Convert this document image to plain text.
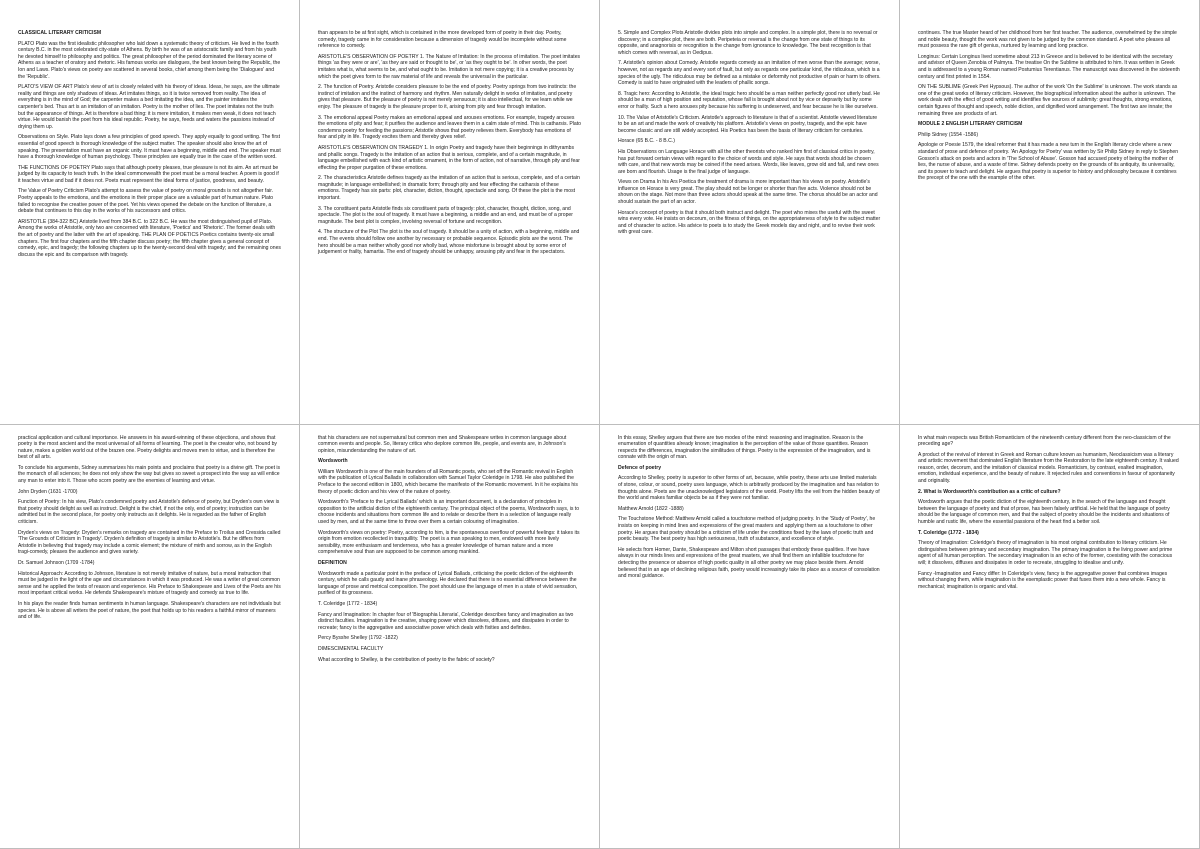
CLASSICAL LITERARY CRITICISM

PLATO Plato was the first idealistic philosopher who laid down a systematic theory of criticism. He lived in the fourth century B.C. in the most celebrated city-state of Athens. By birth he was of an aristocratic family and from his youth he devoted himself to philosophy and politics. The great philosopher of the period dominated the literary scene of Athens as a teacher of oratory and rhetoric. His famous works are dialogues, the best known being the Republic, the Ion and Laws. Plato's views on poetry are scattered in several books, chief among them being the 'Dialogues' and the 'Republic'.

PLATO'S VIEW OF ART Plato's view of art is closely related with his theory of ideas. Ideas, he says, are the ultimate reality and things are only shadows of ideas. Art imitates things, so it is twice removed from reality. The idea of everything is in the mind of God; the carpenter makes a bed imitating the idea, and the painter imitates the carpenter's bed. Thus art is an imitation of an imitation. Poetry is the mother of lies. The poet imitates not the truth but the appearance of things. Art is therefore a bad thing: it is mere imitation, it makes men weak, it does not teach virtue. He would banish the poet from his ideal republic. Poetry, he says, feeds and waters the passions instead of drying them up.

Observations on Style. Plato lays down a few principles of good speech. They apply equally to good writing. The first essential of good speech is thorough knowledge of the subject matter. The speaker should also know the art of speaking. The presentation must have an organic unity. It must have a beginning, middle and end. The speaker must have a thorough knowledge of human psychology. These principles are equally true in the case of the written word.

THE FUNCTIONS OF POETRY Plato says that although poetry pleases, true pleasure is not its aim. An art must be judged by its capacity to teach truth. In the ideal commonwealth the poet must be a moral teacher. A poem is good if it teaches virtue and bad if it does not. Poets must represent the ideal forms of justice, goodness, and beauty.

The Value of Poetry Criticism Plato's attempt to assess the value of poetry on moral grounds is not altogether fair. Poetry appeals to the emotions, and the emotions in their proper place are a valuable part of human nature. Plato failed to recognise the creative power of the poet. Yet his views opened the debate on the function of literature, a debate that continues to this day in the works of his successors and critics.

ARISTOTLE (384-322 BC) Aristotle lived from 384 B.C. to 322 B.C. He was the most distinguished pupil of Plato. Among the works of Aristotle, only two are concerned with literature, 'Poetics' and 'Rhetoric'. The former deals with the art of poetry and the latter with the art of speaking. THE PLAN OF POETICS Poetics contains twenty-six small chapters. The first four chapters and the fifth chapter discuss poetry; the fifth chapter gives a general concept of comedy, epic, and tragedy; the following chapters up to the twenty-second deal with tragedy; and the remaining ones discuss the epic and its comparison with tragedy.

than appears to be at first sight, which is contained in the more developed form of poetry in their day. Poetry, comedy, tragedy came in for consideration because a dimension of tragedy would be incomplete without some reference to comedy.

ARISTOTLE'S OBSERVATION OF POETRY 1. The Nature of Imitation: In the process of imitation. The poet imitates things 'as they were or are', 'as they are said or thought to be', or 'as they ought to be'. In other words, the poet imitates what is, what seems to be, and what ought to be. Imitation is not mere copying; it is a creative process by which the poet gives form to the raw material of life and reveals the universal in the particular.

2. The function of Poetry. Aristotle considers pleasure to be the end of poetry. Poetry springs from two instincts: the instinct of imitation and the instinct of harmony and rhythm. Men naturally delight in works of imitation, and poetry gives that pleasure. But the pleasure of poetry is not merely sensuous; it is also intellectual, for we learn while we enjoy. The pleasure of tragedy is the pleasure proper to it, arising from pity and fear through imitation.

3. The emotional appeal Poetry makes an emotional appeal and arouses emotions. For example, tragedy arouses the emotions of pity and fear; it purifies the audience and leaves them in a calm state of mind. This is catharsis. Plato condemns poetry for feeding the passions; Aristotle shows that poetry relieves them. Everybody has emotions of fear and pity in life. Tragedy excites them and thereby gives relief.

ARISTOTLE'S OBSERVATION ON TRAGEDY 1. In origin Poetry and tragedy have their beginnings in dithyrambs and phallic songs. Tragedy is the imitation of an action that is serious, complete, and of a certain magnitude, in language embellished with each kind of artistic ornament, in the form of action, not of narrative, through pity and fear effecting the proper purgation of these emotions.

2. The characteristics Aristotle defines tragedy as the imitation of an action that is serious, complete, and of a certain magnitude; in language embellished; in dramatic form; through pity and fear effecting the catharsis of these emotions. Tragedy has six parts: plot, character, diction, thought, spectacle and song. Of these the plot is the most important.

3. The constituent parts Aristotle finds six constituent parts of tragedy: plot, character, thought, diction, song, and spectacle. The plot is the soul of tragedy. It must have a beginning, a middle and an end, and must be of a proper magnitude. The best plot is complex, involving reversal of fortune and recognition.

4. The structure of the Plot The plot is the soul of tragedy. It should be a unity of action, with a beginning, middle and end. The events should follow one another by necessary or probable sequence. Episodic plots are the worst. The hero should be a man neither wholly good nor wholly bad, whose misfortune is brought about by some error of judgement or frailty, hamartia. The end of tragedy should be unhappy, arousing pity and fear in the spectators.

5. Simple and Complex Plots Aristotle divides plots into simple and complex. In a simple plot, there is no reversal or discovery; in a complex plot, there are both. Peripeteia or reversal is the change from one state of things to its opposite, and anagnorisis or recognition is the change from ignorance to knowledge. The best recognition is that which comes with reversal, as in Oedipus.

7. Aristotle's opinion about Comedy. Aristotle regards comedy as an imitation of men worse than the average; worse, however, not as regards any and every sort of fault, but only as regards one particular kind, the ridiculous, which is a species of the ugly. The ridiculous may be defined as a mistake or deformity not productive of pain or harm to others. Comedy is said to have originated with the leaders of phallic songs.

8. Tragic hero: According to Aristotle, the ideal tragic hero should be a man neither perfectly good nor utterly bad. He should be a man of high position and reputation, whose fall is brought about not by vice or depravity but by some error or frailty. Such a hero arouses pity because his suffering is undeserved, and fear because he is like ourselves.

10. The Value of Aristotle's Criticism. Aristotle's approach to literature is that of a scientist. Aristotle viewed literature to be an art and made the work of creativity his platform. Aristotle's views on poetry, tragedy, and the epic have become classic and are still widely accepted. His Poetics has been the basis of literary criticism for centuries.

Horace (65 B.C. - 8 B.C.)

His Observations on Language Horace with all the other theorists who ranked him first of classical critics in poetry, has put forward certain views with regard to the choice of words and style. He says that words should be chosen with care, and that new words may be coined if the need arises. Words, like leaves, grow old and fall, and new ones are born and flourish. Usage is the final judge of language.

Views on Drama In his Ars Poetica the treatment of drama is more important than his views on poetry. Aristotle's influence on Horace is very great. The play should not be longer or shorter than five acts. Violence should not be shown on the stage. Not more than three actors should speak at the same time. The chorus should be an actor and should sustain the part of an actor.

Horace's concept of poetry is that it should both instruct and delight. The poet who mixes the useful with the sweet wins every vote. He insists on decorum, on the fitness of things, on the appropriateness of style to the subject matter and of character to action. His advice to poets is to study the Greek models day and night, and to revise their work with great care.

continues. The true Master heard of her childhood from her first teacher. The audience, overwhelmed by the simple and noble beauty, thought the work was not given to be judged by the common standard. A poet who pleases all must possess the rare gift of genius, nurtured by learning and long practice.

Longinus: Certain Longinus lived sometime about 213 in Greece and is believed to be identical with the secretary and advisor of Queen Zenobia of Palmyra. The treatise On the Sublime is attributed to him. It was written in Greek and is addressed to a young Roman named Postumius Terentianus. The manuscript was discovered in the sixteenth century and first printed in 1554.

ON THE SUBLIME (Greek Peri Hypsous). The author of the work 'On the Sublime' is unknown. The work stands as one of the great works of literary criticism. However, the biographical information about the author is unknown. The work deals with the effect of good writing and identifies five sources of sublimity: great thoughts, strong emotions, certain figures of thought and speech, noble diction, and dignified word arrangement. The first two are innate; the remaining three are products of art.

MODULE 2 ENGLISH LITERARY CRITICISM

Philip Sidney (1554 -1586)

Apologie or Poesie 1579, the ideal reformer that it has made a new turn in the English literary circle where a new standard of prose and defence of poetry. 'An Apology for Poetry' was written by Sir Philip Sidney in reply to Stephen Gosson's attack on poets and actors in 'The School of Abuse'. Gosson had accused poetry of being the mother of lies, the nurse of abuse, and a waste of time. Sidney defends poetry on the grounds of its antiquity, its universality, and its power to teach and delight. He argues that poetry is superior to history and philosophy because it combines the precept of the one with the example of the other.

practical application and cultural importance. He answers in his award-winning of these objections, and shows that poetry is the most ancient and the most universal of all forms of learning. The poet is the creator who, not bound by nature, makes a golden world out of the brazen one. Poetry delights and moves men to virtue, and is therefore the best of all arts.

To conclude his arguments, Sidney summarizes his main points and proclaims that poetry is a divine gift. The poet is the monarch of all sciences; he does not only show the way but gives so sweet a prospect into the way as will entice any man to enter into it. Those who scorn poetry are the enemies of learning and virtue.

John Dryden (1631 -1700)

Function of Poetry: In his view, Plato's condemned poetry and Aristotle's defence of poetry, but Dryden's own view is that poetry should delight as well as instruct. Delight is the chief, if not the only, end of poetry; instruction can be admitted but in the second place, for poetry only instructs as it delights. He is regarded as the father of English criticism.

Dryden's views on Tragedy: Dryden's remarks on tragedy are contained in the Preface to Troilus and Cressida called 'The Grounds of Criticism in Tragedy'. Dryden's definition of tragedy is similar to Aristotle's. But he differs from Aristotle in believing that tragedy may include a comic element; the mixture of mirth and sorrow, as in the English tragi-comedy, pleases the audience and gives variety.

Dr. Samuel Johnson (1709 -1784)

Historical Approach: According to Johnson, literature is not merely imitative of nature, but a moral instruction that must be judged in the light of the age and circumstances in which it was produced. He was a writer of great common sense and he applied the tests of reason and experience. His Preface to Shakespeare and Lives of the Poets are his most important critical works. He defends Shakespeare's mixture of tragedy and comedy as true to life.

In his plays the reader finds human sentiments in human language. Shakespeare's characters are not individuals but species. He is above all writers the poet of nature, the poet that holds up to his readers a faithful mirror of manners and of life.

that his characters are not supernatural but common men and Shakespeare writes in common language about common events and people. So, literary critics who deplore common life, people, and events are, in Johnson's opinion, misunderstanding the nature of art.

Wordsworth

William Wordsworth is one of the main founders of all Romantic poets, who set off the Romantic revival in English with the publication of Lyrical Ballads in collaboration with Samuel Taylor Coleridge in 1798. He also published the Preface to the second edition in 1800, which became the manifesto of the Romantic movement. In it he explains his theory of poetic diction and his view of the nature of poetry.

Wordsworth's 'Preface to the Lyrical Ballads' which is an important document, is a declaration of principles in opposition to the artificial diction of the eighteenth century. The principal object of the poems, Wordsworth says, is to choose incidents and situations from common life and to relate or describe them in a selection of language really used by men, and at the same time to throw over them a certain colouring of imagination.

Wordsworth's views on poetry: Poetry, according to him, is the spontaneous overflow of powerful feelings: it takes its origin from emotion recollected in tranquillity. The poet is a man speaking to men, endowed with more lively sensibility, more enthusiasm and tenderness, who has a greater knowledge of human nature and a more comprehensive soul than are supposed to be common among mankind.

DEFINITION

Wordsworth made a particular point in the preface of Lyrical Ballads, criticising the poetic diction of the eighteenth century, which he calls gaudy and inane phraseology. He declared that there is no essential difference between the language of prose and metrical composition. The poet should use the language of men in a state of vivid sensation, purified of its grossness.

T. Coleridge (1772 - 1834)

Fancy and Imagination: In chapter four of 'Biographia Literaria', Coleridge describes fancy and imagination as two distinct faculties. Imagination is the creative, shaping power which dissolves, diffuses, and dissipates in order to recreate; fancy is the aggregative and associative power which deals with fixities and definites.

Percy Bysshe Shelley (1792 -1822)

DIMESCIMENTAL FACULTY

What according to Shelley, is the contribution of poetry to the fabric of society?

In this essay, Shelley argues that there are two modes of the mind: reasoning and imagination. Reason is the enumeration of quantities already known; imagination is the perception of the value of those quantities. Reason respects the differences, imagination the similitudes of things. Poetry is the expression of the imagination, and is connate with the origin of man.

Defence of poetry

According to Shelley, poetry is superior to other forms of art, because, while poetry, these arts use limited materials of stone, colour, or sound, poetry uses language, which is arbitrarily produced by the imagination and has relation to thoughts alone. Poets are the unacknowledged legislators of the world. Poetry lifts the veil from the hidden beauty of the world and makes familiar objects be as if they were not familiar.

Matthew Arnold (1822 -1888)

The Touchstone Method: Matthew Arnold called a touchstone method of judging poetry. In the 'Study of Poetry', he insists on keeping in mind lines and expressions of the great masters and applying them as a touchstone to other poetry. He argues that poetry should be a criticism of life under the conditions fixed by the laws of poetic truth and poetic beauty. The best poetry has high seriousness, truth of substance, and excellence of style.

He selects from Homer, Dante, Shakespeare and Milton short passages that embody these qualities. If we have always in our minds lines and expressions of the great masters, we shall find them an infallible touchstone for detecting the presence or absence of high poetic quality in all other poetry we may place beside them. Arnold believed that in an age of declining religious faith, poetry would increasingly take its place as a source of consolation and moral guidance.

In what main respects was British Romanticism of the nineteenth century different from the neo-classicism of the preceding age?

A product of the revival of interest in Greek and Roman culture known as humanism, Neoclassicism was a literary and artistic movement that dominated English literature from the Restoration to the late eighteenth century. It valued reason, order, decorum, and the imitation of classical models. Romanticism, by contrast, exalted imagination, emotion, individual experience, and the beauty of nature. It rejected rules and conventions in favour of spontaneity and originality.

2. What is Wordsworth's contribution as a critic of culture?

Wordsworth argues that the poetic diction of the eighteenth century, in the search of the language and thought between the language of poetry and that of prose, has been falsely artificial. He held that the language of poetry should be the language of common men, and that the subject of poetry should be the incidents and situations of humble and rustic life, where the essential passions of the heart find a better soil.

T. Coleridge (1772 - 1834)

Theory of Imagination: Coleridge's theory of imagination is his most original contribution to literary criticism. He distinguishes between primary and secondary imagination. The primary imagination is the living power and prime agent of all human perception. The secondary imagination is an echo of the former, coexisting with the conscious will; it dissolves, diffuses and dissipates in order to recreate, struggling to idealise and unify.

Fancy -Imagination and Fancy differ: In Coleridge's view, fancy is the aggregative power that combines images without changing them, while imagination is the esemplastic power that fuses them into a new whole. Fancy is mechanical; imagination is organic and vital.
